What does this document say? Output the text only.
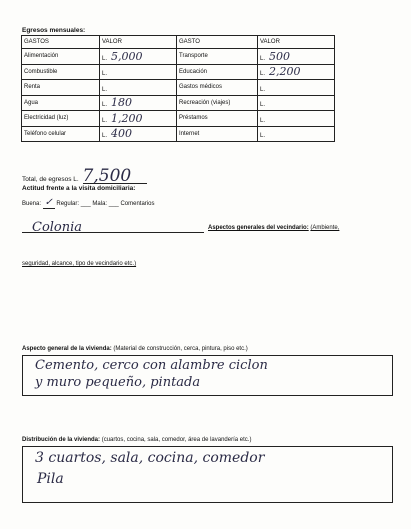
Egresos mensuales:
GASTOS	VALOR	GASTO	VALOR
Alimentación	L. 5,000	Transporte	L. 500
Combustible	L.	Educación	L. 2,200
Renta	L.	Gastos médicos	L.
Agua	L. 180	Recreación (viajes)	L.
Electricidad (luz)	L. 1,200	Préstamos	L.
Teléfono celular	L. 400	Internet	L.
Total, de egresos L. 7,500
Actitud frente a la visita domiciliaria:
Buena: ✓ Regular: ___ Mala: ___ Comentarios
Colonia	Aspectos generales del vecindario: (Ambiente,
seguridad, alcance, tipo de vecindario etc.)
Aspecto general de la vivienda: (Material de construcción, cerca, pintura, piso etc.)
Cemento, cerco con alambre ciclon
y muro pequeño, pintada
Distribución de la vivienda: (cuartos, cocina, sala, comedor, área de lavandería etc.)
3 cuartos, sala, cocina, comedor
Pila
